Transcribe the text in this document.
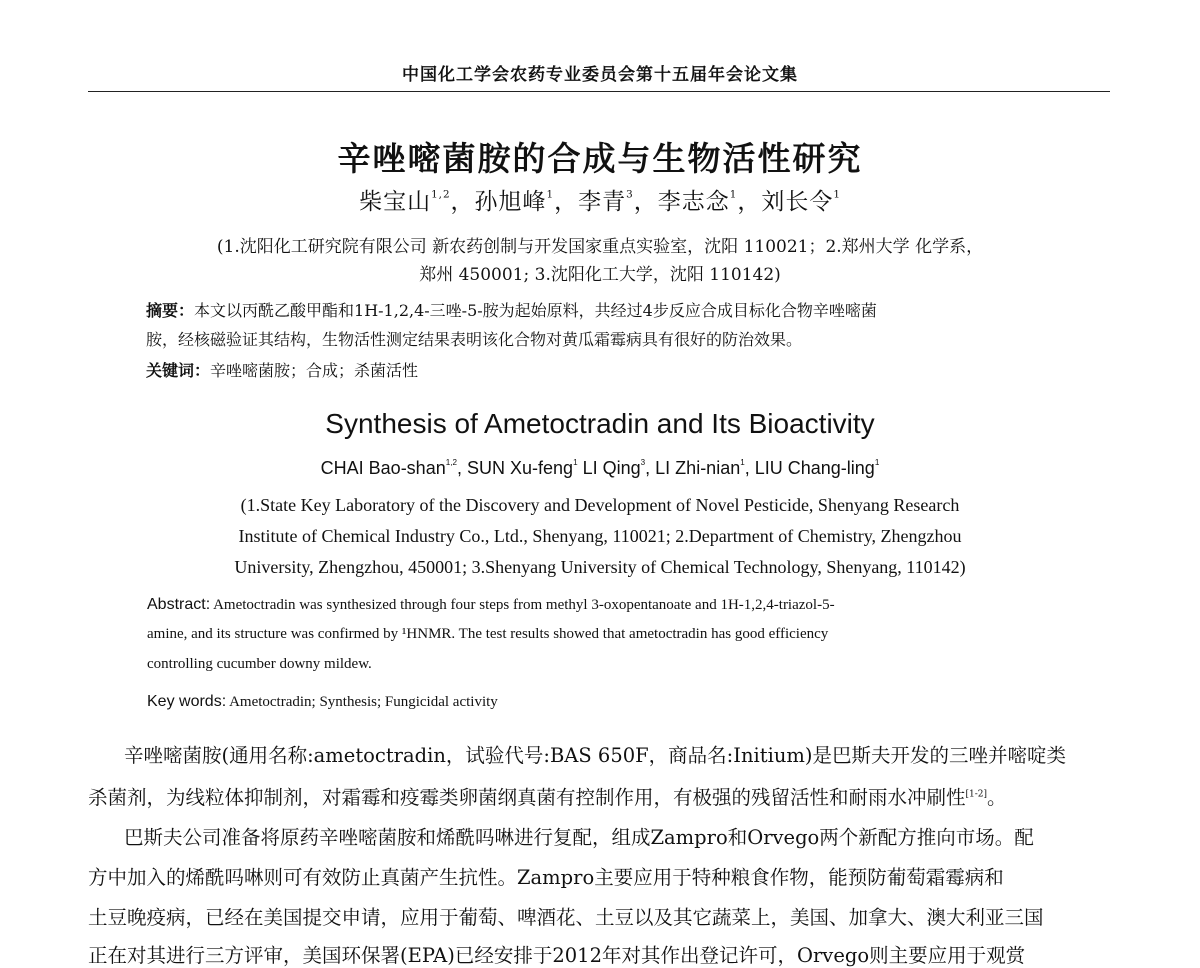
中国化工学会农药专业委员会第十五届年会论文集
辛唑嘧菌胺的合成与生物活性研究
柴宝山$^{1,2}$，孙旭峰$^1$，李青$^3$，李志念$^1$，刘长令$^1$
(1.沈阳化工研究院有限公司 新农药创制与开发国家重点实验室，沈阳 110021；2.郑州大学 化学系，
郑州 450001; 3.沈阳化工大学，沈阳 110142)
摘要：本文以丙酰乙酸甲酯和1H-1,2,4-三唑-5-胺为起始原料，共经过4步反应合成目标化合物辛唑嘧菌
胺，经核磁验证其结构，生物活性测定结果表明该化合物对黄瓜霜霉病具有很好的防治效果。
关键词：辛唑嘧菌胺；合成；杀菌活性
Synthesis of Ametoctradin and Its Bioactivity
CHAI Bao-shan$^{1,2}$, SUN Xu-feng$^1$ LI Qing$^3$, LI Zhi-nian$^1$, LIU Chang-ling$^1$
(1.State Key Laboratory of the Discovery and Development of Novel Pesticide, Shenyang Research
Institute of Chemical Industry Co., Ltd., Shenyang, 110021; 2.Department of Chemistry, Zhengzhou
University, Zhengzhou, 450001; 3.Shenyang University of Chemical Technology, Shenyang, 110142)
Abstract: Ametoctradin was synthesized through four steps from methyl 3-oxopentanoate and 1H-1,2,4-triazol-5-
amine, and its structure was confirmed by ¹HNMR. The test results showed that ametoctradin has good efficiency
controlling cucumber downy mildew.
Key words: Ametoctradin; Synthesis; Fungicidal activity
辛唑嘧菌胺(通用名称:ametoctradin，试验代号:BAS 650F，商品名:Initium)是巴斯夫开发的三唑并嘧啶类
杀菌剂，为线粒体抑制剂，对霜霉和疫霉类卵菌纲真菌有控制作用，有极强的残留活性和耐雨水冲刷性[1-2]。
巴斯夫公司准备将原药辛唑嘧菌胺和烯酰吗啉进行复配，组成Zampro和Orvego两个新配方推向市场。配
方中加入的烯酰吗啉则可有效防止真菌产生抗性。Zampro主要应用于特种粮食作物，能预防葡萄霜霉病和
土豆晚疫病，已经在美国提交申请，应用于葡萄、啤酒花、土豆以及其它蔬菜上，美国、加拿大、澳大利亚三国
正在对其进行三方评审，美国环保署(EPA)已经安排于2012年对其作出登记许可，Orvego则主要应用于观赏
